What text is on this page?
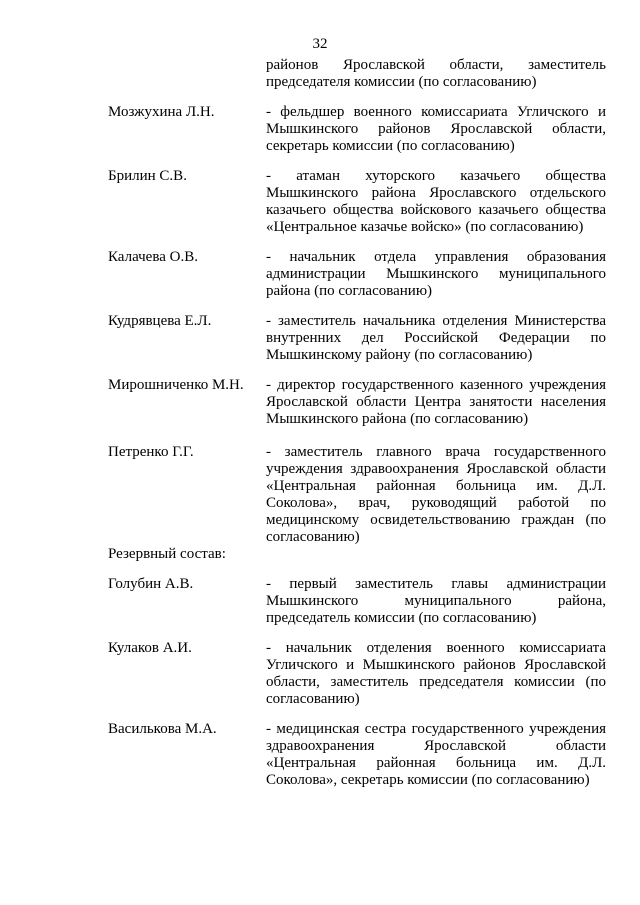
32
районов Ярославской области, заместитель
председателя комиссии (по согласованию)
Мозжухина Л.Н.	- фельдшер военного комиссариата Угличского и
Мышкинского районов Ярославской области,
секретарь комиссии (по согласованию)
Брилин С.В.	- атаман хуторского казачьего общества
Мышкинского района Ярославского отдельского
казачьего общества войскового казачьего общества
«Центральное казачье войско» (по согласованию)
Калачева О.В.	- начальник отдела управления образования
администрации Мышкинского муниципального
района (по согласованию)
Кудрявцева Е.Л.	- заместитель начальника отделения Министерства
внутренних дел Российской Федерации по
Мышкинскому району (по согласованию)
Мирошниченко М.Н. - директор государственного казенного учреждения
Ярославской области Центра занятости населения
Мышкинского района (по согласованию)
Петренко Г.Г.	- заместитель главного врача государственного
учреждения здравоохранения Ярославской области
«Центральная районная больница им. Д.Л.
Соколова», врач, руководящий работой по
медицинскому освидетельствованию граждан (по
согласованию)
Резервный состав:
Голубин А.В.	- первый заместитель главы администрации
Мышкинского муниципального района,
председатель комиссии (по согласованию)
Кулаков А.И.	- начальник отделения военного комиссариата
Угличского и Мышкинского районов Ярославской
области, заместитель председателя комиссии (по
согласованию)
Василькова М.А.	- медицинская сестра государственного учреждения
здравоохранения Ярославской области
«Центральная районная больница им. Д.Л.
Соколова», секретарь комиссии (по согласованию)
